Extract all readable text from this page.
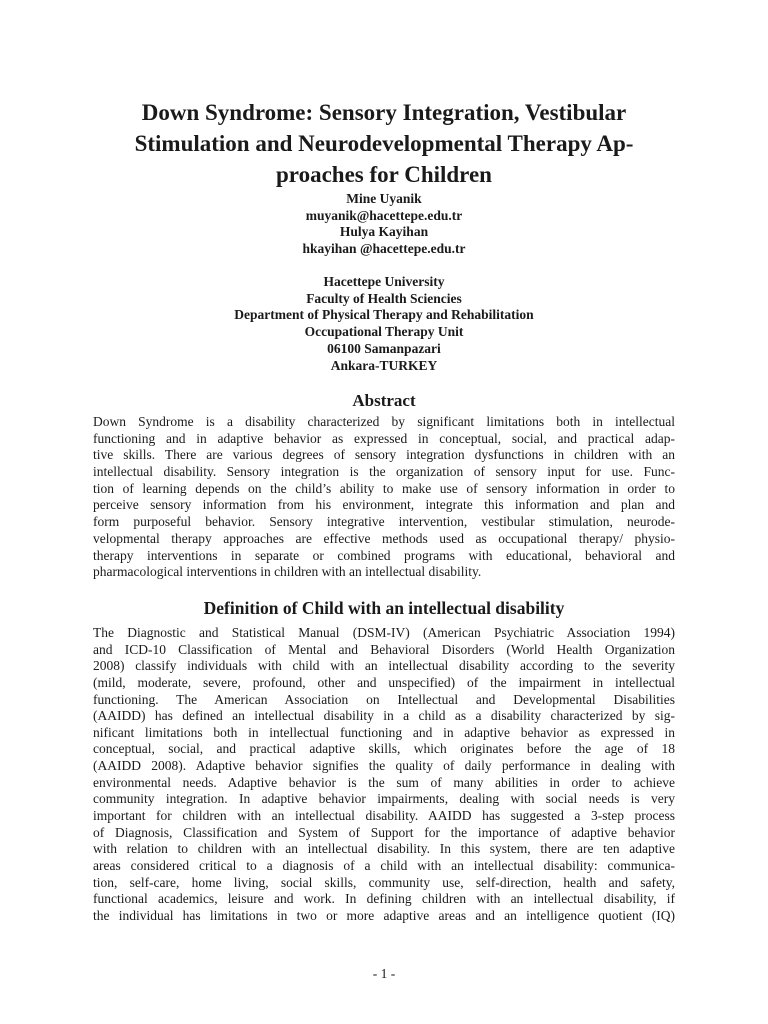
Down Syndrome: Sensory Integration, Vestibular
Stimulation and Neurodevelopmental Therapy Ap-
proaches for Children
Mine Uyanik
muyanik@hacettepe.edu.tr
Hulya Kayihan
hkayihan @hacettepe.edu.tr
Hacettepe University
Faculty of Health Sciencies
Department of Physical Therapy and Rehabilitation
Occupational Therapy Unit
06100 Samanpazari
Ankara-TURKEY
Abstract
Down Syndrome is a disability characterized by significant limitations both in intellectual
functioning and in adaptive behavior as expressed in conceptual, social, and practical adap-
tive skills. There are various degrees of sensory integration dysfunctions in children with an
intellectual disability. Sensory integration is the organization of sensory input for use. Func-
tion of learning depends on the child’s ability to make use of sensory information in order to
perceive sensory information from his environment, integrate this information and plan and
form purposeful behavior. Sensory integrative intervention, vestibular stimulation, neurode-
velopmental therapy approaches are effective methods used as occupational therapy/ physio-
therapy interventions in separate or combined programs with educational, behavioral and
pharmacological interventions in children with an intellectual disability.
Definition of Child with an intellectual disability
The Diagnostic and Statistical Manual (DSM-IV) (American Psychiatric Association 1994)
and ICD-10 Classification of Mental and Behavioral Disorders (World Health Organization
2008) classify individuals with child with an intellectual disability according to the severity
(mild, moderate, severe, profound, other and unspecified) of the impairment in intellectual
functioning. The American Association on Intellectual and Developmental Disabilities
(AAIDD) has defined an intellectual disability in a child as a disability characterized by sig-
nificant limitations both in intellectual functioning and in adaptive behavior as expressed in
conceptual, social, and practical adaptive skills, which originates before the age of 18
(AAIDD 2008). Adaptive behavior signifies the quality of daily performance in dealing with
environmental needs. Adaptive behavior is the sum of many abilities in order to achieve
community integration. In adaptive behavior impairments, dealing with social needs is very
important for children with an intellectual disability. AAIDD has suggested a 3-step process
of Diagnosis, Classification and System of Support for the importance of adaptive behavior
with relation to children with an intellectual disability. In this system, there are ten adaptive
areas considered critical to a diagnosis of a child with an intellectual disability: communica-
tion, self-care, home living, social skills, community use, self-direction, health and safety,
functional academics, leisure and work. In defining children with an intellectual disability, if
the individual has limitations in two or more adaptive areas and an intelligence quotient (IQ)
- 1 -
